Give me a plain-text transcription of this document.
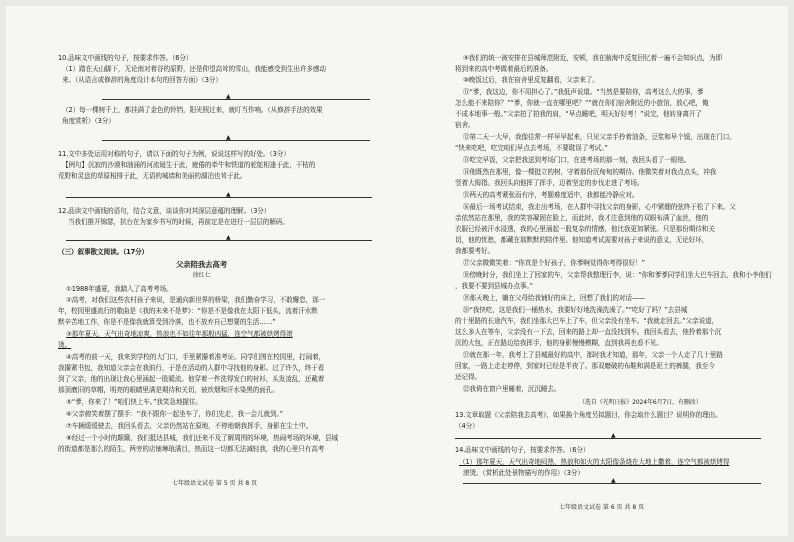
10.品味文中画线的句子，按要求作答。（6分）
（1）踏在天山脚下，无论南对着谷的原野，还是仰望高耸的雪山，我能感受到生出许多感动
来。（从语言或修辞的角度设计本句的回答方面）（3分）
▲
（2）每一棵树千上，都挂满了金色的铃铛，阳光照过来，就叮当作响。（从修辞手法的效果
角度赏析）（3分）
▲
11.文中多处运用对称的句子，请以下面的句子为例，说说这样写的好处。（3分）
【例句】沉寂的沙漠和汹涌的河流诞生于此，疲倦的牵牛和铁道的驼鸵相逢于此，干枯的
荒野和灵盘的草原相排于此，无语的城墙和美丽的湖泊也耸于此。
▲
12.品读文中画线的语句，结合文意，谈谈你对其深层意蕴的理解。（3分）
当我们推开锦瑟，抗台在为家乡书写的时候，再前定是在进行一层层的解码。
▲
（三）叙事散文阅读。（17分）
父亲陪我去高考
徐红七
①1988年盛夏，我踏入了高考考场。
②高考，对我们这些农村孩子来说，是通向新世界的桥梁，我们勤奋学习，不敢懈怠，那一
年，校园里盛流行的歌曲是《我的未来不是梦》：“你是不是像我在太阳下低头，流着汗水默
默辛苦地工作，你是不是像我就算受到冷落，也不放弃自己想要的生活……”
③那年夏天，天气出奇地凉爽，热浪也不如往年那般凶猛，连空气都被烘烤得滚
烫。
④高考的前一天，我来到学校的大门口，手里紧攥着准考证。同学们围在校园里，打闹着，
我攥紧书包，我知道父亲会在我前行，于是在活动的人群中寻找他的身影。过了许久，终于看
到了父亲，他的出现让我心里涌起一股暖流。他穿着一件洗得发白的衬衫，头发凌乱，还戴着
那顶磨旧的草帽，明亮的眼睛里满是期待和关切，被炊烟和汗水染黑的面孔。
⑤“爹，你来了！”咱们快上车。”我笑急地握住。
⑥父亲俯笑着摆了摆手：“我不跟你一起坐车了，你们先走，我一会儿就到。”
⑦车辆缓缓驶去，我回头看去，父亲仍然站在原地，不停地朝我挥手，身影在尘土中。
⑧经过一个小时的颠簸，我们抵达县城，我们还来不及了解周围的环境，热闹考场的环境，县城
的街道都是那么的陌生，两旁的店铺琳琅满目，热而这一切都无法减轻我，我的心里只有高考
七年级语文试卷 第 5 页 共 8 页
⑨我们的统一被安排在县城师范附近，安顿，我在脑海中反复回忆着一遍不会知识点，为即
将到来的高中考做着最后的准备。
⑩晚饭过后，我在宿舍里反复翻看，父亲来了。
⑪“爹，我这边，你不用担心了。”我低声说道。“当然是要陪你，高考这么大的事，爹
怎么能不来陪你？”“爹，你就一直在哪里吧？”“就在你们宿舍附近的小旅馆，放心吧，俺
不成本地事一般。”父亲拍了拍我的肩，“早点睡吧，明天好好考！”说完，他转身离开了
宿舍。
⑫第二天一大早，我像往常一样早早起来，只见父亲手拎着油条，豆浆和早个馍，出现在门口。
“快来吃吧，吃完咱们早点去考场，不要耽误了考试。”
⑬吃完早饭，父亲把我送到考场门口，在进考场的那一刻，我回头看了一眼他。
⑭他既然在那里，像一棵挺立的树，守着那份沉甸甸的期待。他微笑着对我点点头，冲我
竖着大拇指。我回头向他挥了挥手，迈着坚定的步伐走进了考场。
⑮两天的高考紧张而有序，考题难度适中，我都能冷静应对。
⑯最后一场考试结束，我走出考场，在人群中寻找父亲的身影，心中紧绷的弦终于松了下来。父
亲依然站在那里，我的笑容凝固在脸上，而此时，我才注意到他的双眼布满了血丝，他的
衣服已经被汗水浸透，我的心里涌起一股复杂的情感，他比我更加紧张。只是那份期待和关
切，他的忧愁，都藏在那默默的陪伴里。他知道考试需要对孩子来说的意义，无论好坏，
我都要考好。
⑰父亲微微笑着：“你真是个好孩子，你爹啊觉得你考得很好！”
⑱傍晚时分，我们坐上了回家的车，父亲帮我整理行李，说：“你和爹爹同学们坐大巴车回去，我和小李他们
，我要不要到县城办点事。”
⑲那天晚上，躺在父母给我铺好的床上，回想了我们的对话——
⑳“我快吃，这是我们一桶热水，我要好好地洗澡洗澡了。”“吃好了吗？”去县城
的十里路的长途汽车，我们坐那大巴车上了车，但父亲没有坐车。“我就走回去。”父亲说道，
这么多人在等车，父亲没有一下去，回来的路上却一直没找到车。我回头看去，他拎着那个沉
沉的大包，正在路边给我挥手，他的身影慢慢模糊，直到我再也看不见。
㉑就在那一年，我考上了县城最好的高中，那时我才知道，那年，父亲一个人走了几十里路
回家，一路上走走停停，到家时已经是半夜了。那双磨破的布鞋和满是泥土的裤腿，我至今
还记得。
㉒我倚在窗户里睡着，沉沉睡去。
（选自《光明日报》2024年6月7日，有删改）
13.文章取题《父亲陪我去高考》，如果换个角度另拟题目，你会取什么题目？说明你的理由。
（4分）
▲
14.品味文中画线的句子，按要求作答。（6分）
（1）那年夏天，天气出奇地闷热，热浪和如火的太阳像条烧在大地上撒着，连空气都被烘烤得
滚烫。（赏析此处景物描写的作用）（3分）
▲
七年级语文试卷 第 6 页 共 8 页
